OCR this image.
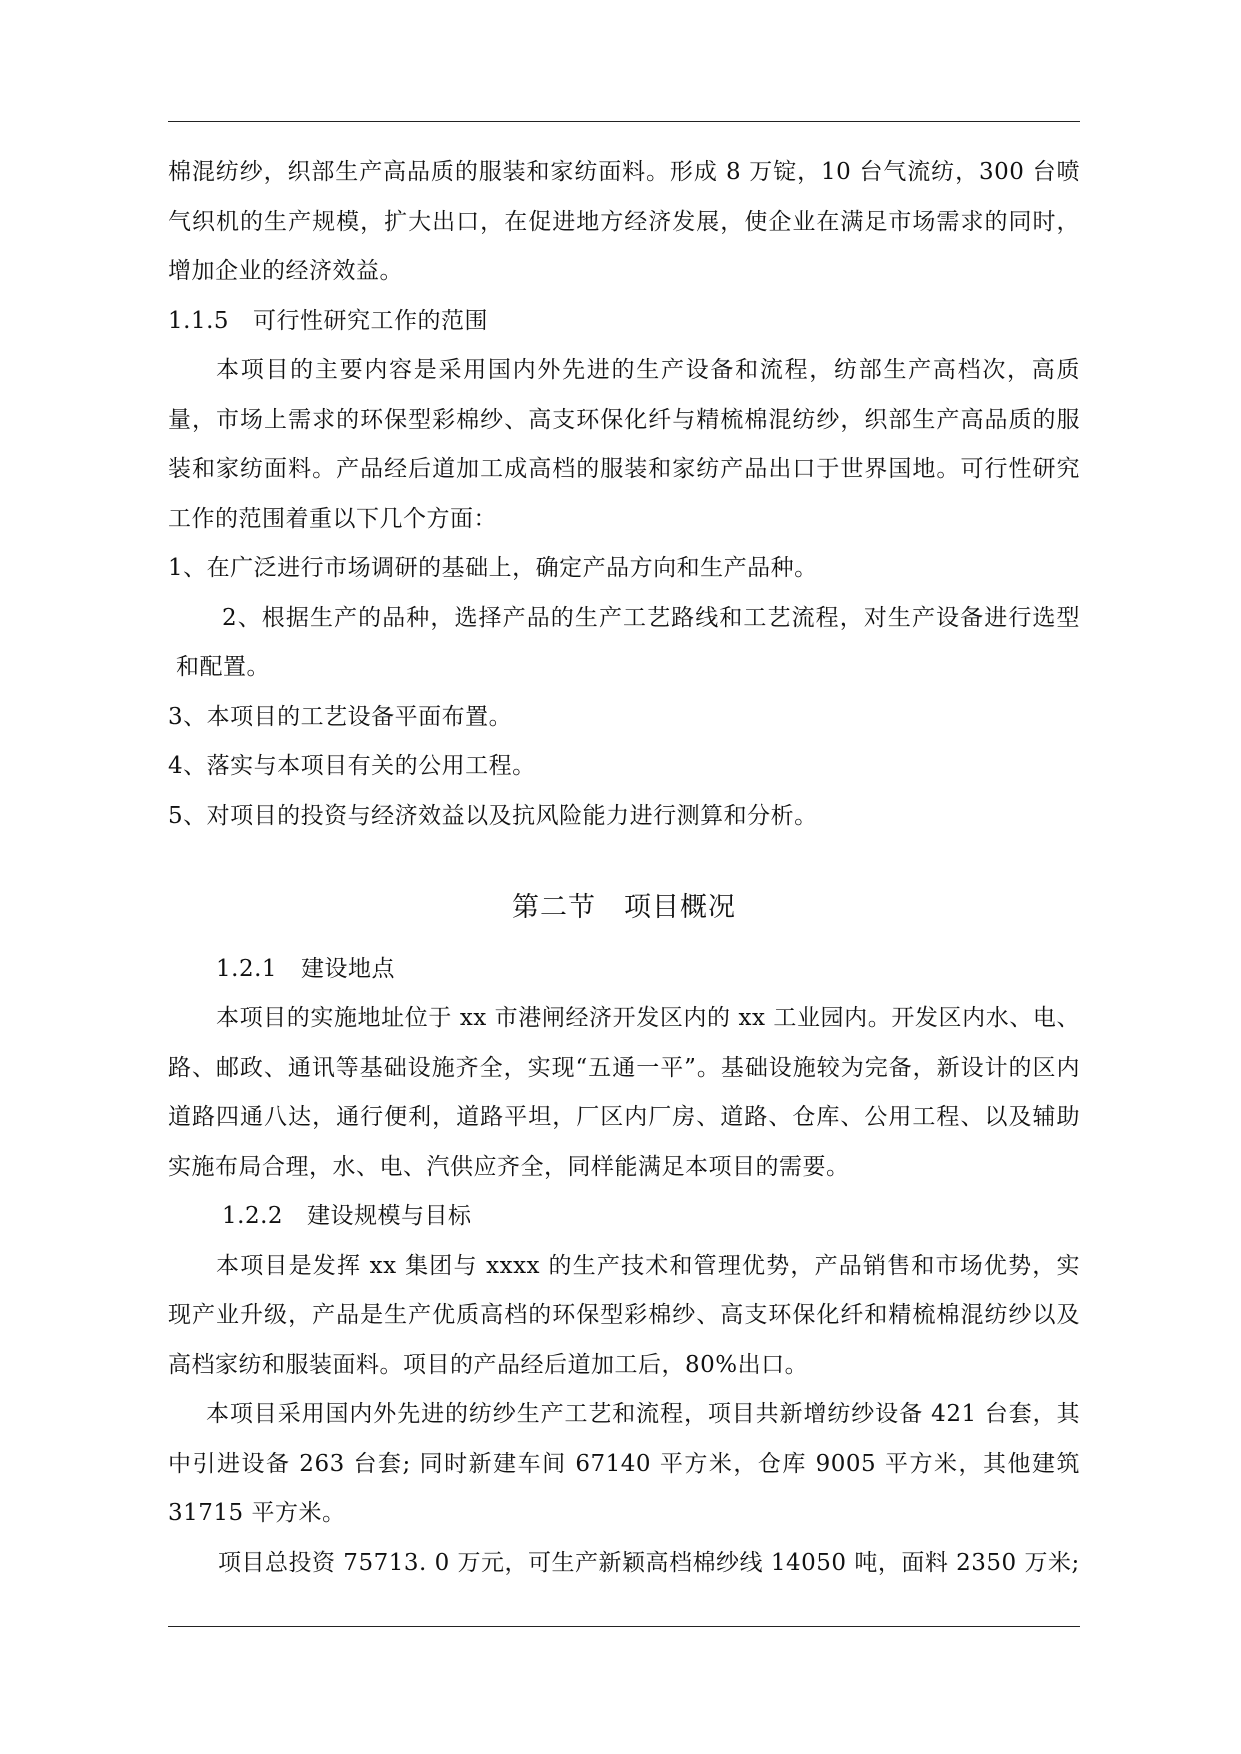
棉混纺纱，织部生产高品质的服装和家纺面料。形成 8 万锭，10 台气流纺，300 台喷气织机的生产规模，扩大出口，在促进地方经济发展，使企业在满足市场需求的同时，增加企业的经济效益。

1.1.5 可行性研究工作的范围

本项目的主要内容是采用国内外先进的生产设备和流程，纺部生产高档次，高质量，市场上需求的环保型彩棉纱、高支环保化纤与精梳棉混纺纱，织部生产高品质的服装和家纺面料。产品经后道加工成高档的服装和家纺产品出口于世界国地。可行性研究工作的范围着重以下几个方面：

1、在广泛进行市场调研的基础上，确定产品方向和生产品种。

2、根据生产的品种，选择产品的生产工艺路线和工艺流程，对生产设备进行选型和配置。

3、本项目的工艺设备平面布置。

4、落实与本项目有关的公用工程。

5、对项目的投资与经济效益以及抗风险能力进行测算和分析。

第二节　项目概况

1.2.1 建设地点

本项目的实施地址位于 xx 市港闸经济开发区内的 xx 工业园内。开发区内水、电、路、邮政、通讯等基础设施齐全，实现“五通一平”。基础设施较为完备，新设计的区内道路四通八达，通行便利，道路平坦，厂区内厂房、道路、仓库、公用工程、以及辅助实施布局合理，水、电、汽供应齐全，同样能满足本项目的需要。

1.2.2 建设规模与目标

本项目是发挥 xx 集团与 xxxx 的生产技术和管理优势，产品销售和市场优势，实现产业升级，产品是生产优质高档的环保型彩棉纱、高支环保化纤和精梳棉混纺纱以及高档家纺和服装面料。项目的产品经后道加工后，80%出口。

本项目采用国内外先进的纺纱生产工艺和流程，项目共新增纺纱设备 421 台套，其中引进设备 263 台套; 同时新建车间 67140 平方米，仓库 9005 平方米，其他建筑 31715 平方米。

项目总投资 75713. 0 万元，可生产新颖高档棉纱线 14050 吨，面料 2350 万米;
